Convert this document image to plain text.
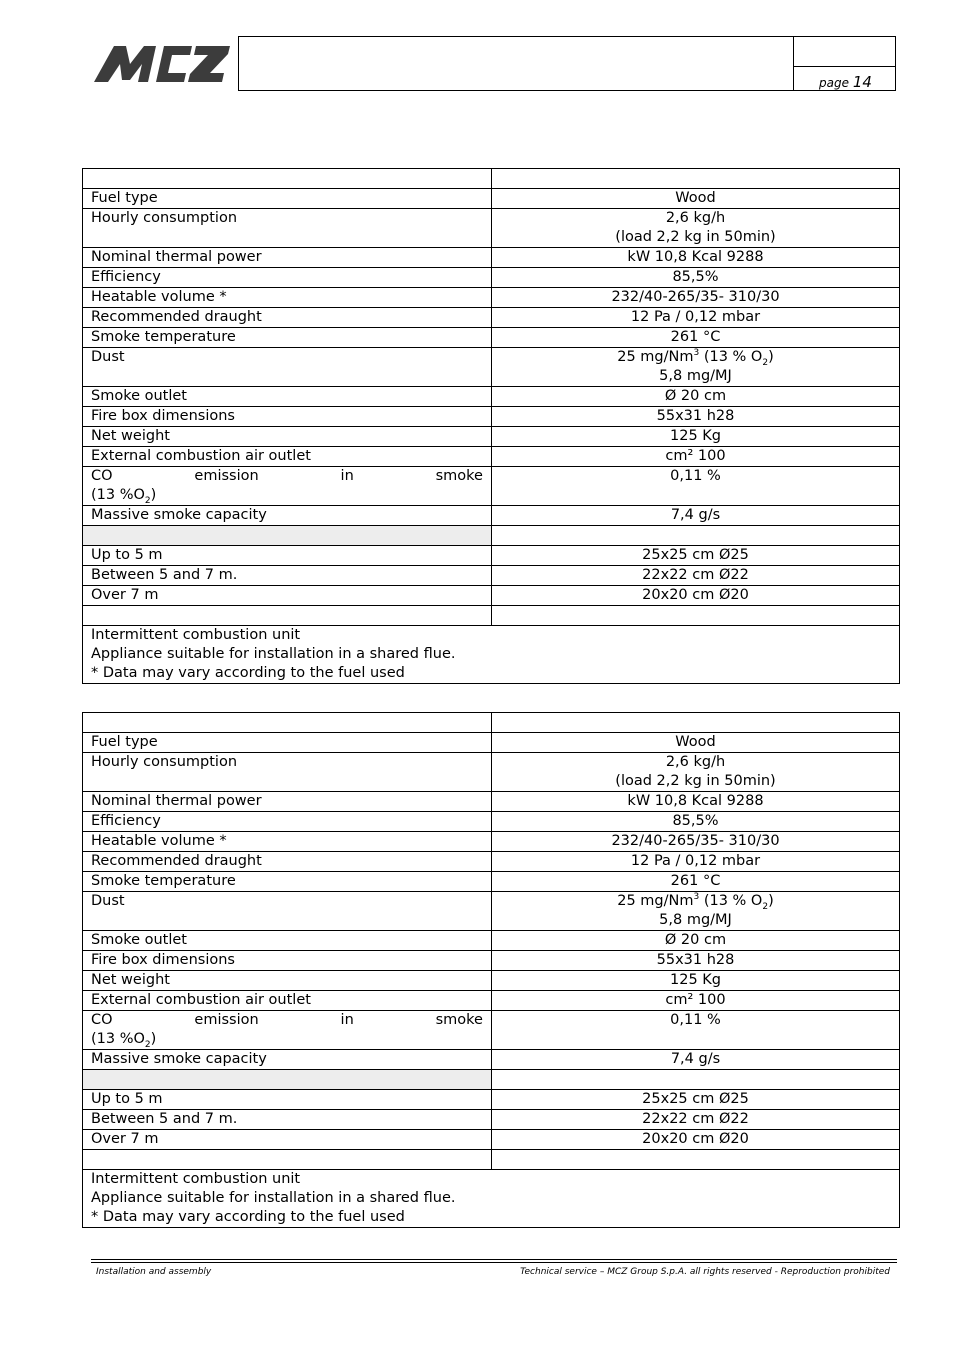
page 14

Fuel type	Wood
Hourly consumption	2,6 kg/h
(load 2,2 kg in 50min)

Nominal thermal power	kW 10,8 Kcal 9288
Efficiency	85,5%
Heatable volume *	232/40-265/35- 310/30
Recommended draught	12 Pa / 0,12 mbar
Smoke temperature	261 °C
Dust	25 mg/Nm$^3$ (13 % $O_2$)
5,8 mg/MJ

Smoke outlet	Ø 20 cm
Fire box dimensions	55x31 h28
Net weight	125 Kg
External combustion air outlet	cm² 100

CO emission in smoke
(13 $\%O_2$)	0,11 %
Massive smoke capacity	7,4 g/s

Up to 5 m	25x25 cm Ø25
Between 5 and 7 m.	22x22 cm Ø22
Over 7 m	20x20 cm Ø20

Intermittent combustion unit
Appliance suitable for installation in a shared flue.
* Data may vary according to the fuel used	

Fuel type	Wood
Hourly consumption	2,6 kg/h
(load 2,2 kg in 50min)

Nominal thermal power	kW 10,8 Kcal 9288
Efficiency	85,5%
Heatable volume *	232/40-265/35- 310/30
Recommended draught	12 Pa / 0,12 mbar
Smoke temperature	261 °C
Dust	25 mg/Nm$^3$ (13 % $O_2$)
5,8 mg/MJ

Smoke outlet	Ø 20 cm
Fire box dimensions	55x31 h28
Net weight	125 Kg
External combustion air outlet	cm² 100

CO emission in smoke
(13 $\%O_2$)	0,11 %
Massive smoke capacity	7,4 g/s

Up to 5 m	25x25 cm Ø25
Between 5 and 7 m.	22x22 cm Ø22
Over 7 m	20x20 cm Ø20

Intermittent combustion unit
Appliance suitable for installation in a shared flue.
* Data may vary according to the fuel used	
Installation and assembly	Technical service – MCZ Group S.p.A. all rights reserved - Reproduction prohibited
